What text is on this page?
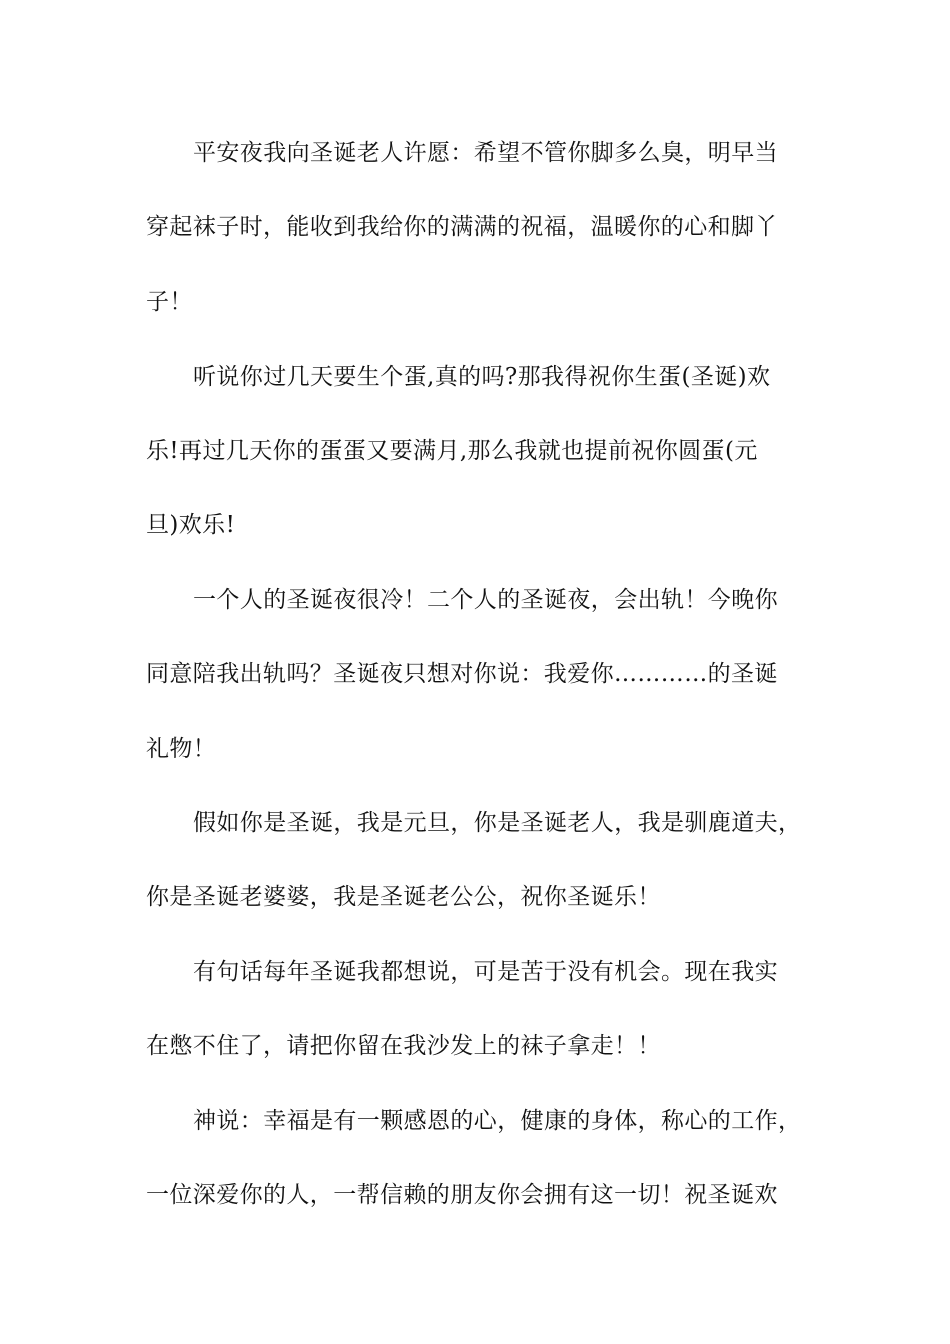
平安夜我向圣诞老人许愿：希望不管你脚多么臭，明早当
穿起袜子时，能收到我给你的满满的祝福，温暖你的心和脚丫
子！
听说你过几天要生个蛋,真的吗?那我得祝你生蛋(圣诞)欢
乐!再过几天你的蛋蛋又要满月,那么我就也提前祝你圆蛋(元
旦)欢乐!
一个人的圣诞夜很冷！二个人的圣诞夜，会出轨！今晚你
同意陪我出轨吗？圣诞夜只想对你说：我爱你…………的圣诞
礼物！
假如你是圣诞，我是元旦，你是圣诞老人，我是驯鹿道夫，
你是圣诞老婆婆，我是圣诞老公公，祝你圣诞乐！
有句话每年圣诞我都想说，可是苦于没有机会。现在我实
在憋不住了，请把你留在我沙发上的袜子拿走！！
神说：幸福是有一颗感恩的心，健康的身体，称心的工作，
一位深爱你的人，一帮信赖的朋友你会拥有这一切！祝圣诞欢
